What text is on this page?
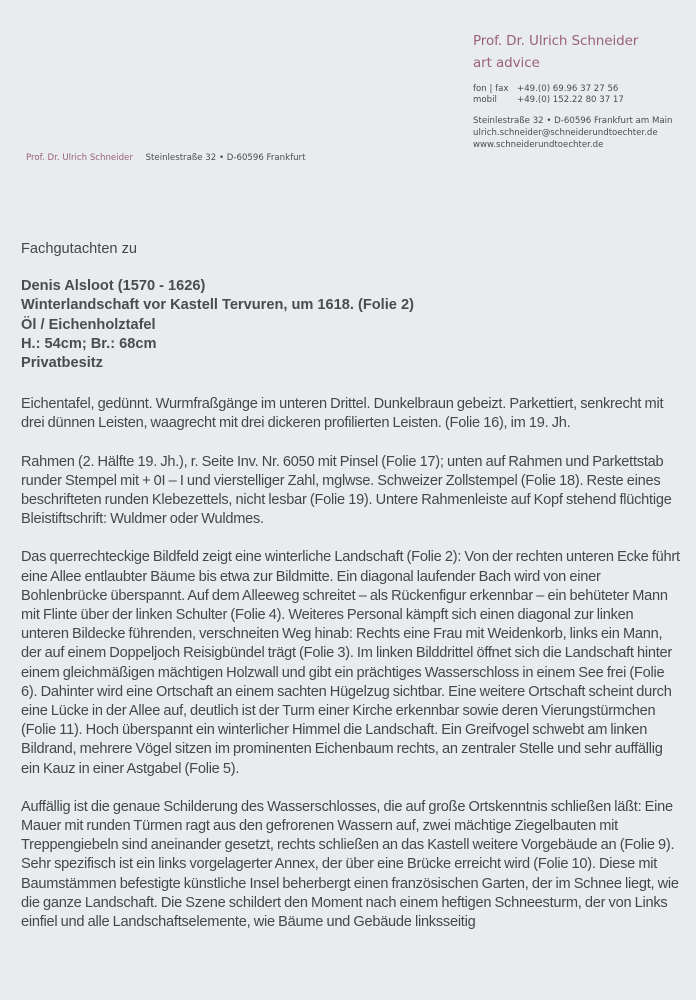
Prof. Dr. Ulrich Schneider
art advice
fon | fax +49.(0) 69.96 37 27 56
mobil	+49.(0) 152.22 80 37 17
Steinlestraße 32 • D-60596 Frankfurt am Main
ulrich.schneider@schneiderundtoechter.de
www.schneiderundtoechter.de
Prof. Dr. Ulrich Schneider Steinlestraße 32 • D-60596 Frankfurt
Fachgutachten zu
Denis Alsloot (1570 - 1626)
Winterlandschaft vor Kastell Tervuren, um 1618. (Folie 2)
Öl / Eichenholztafel
H.: 54cm; Br.: 68cm
Privatbesitz

Eichentafel, gedünnt. Wurmfraßgänge im unteren Drittel. Dunkelbraun gebeizt. Parkettiert, senkrecht mit drei dünnen Leisten, waagrecht mit drei dickeren profilierten Leisten. (Folie 16), im 19. Jh.

Rahmen (2. Hälfte 19. Jh.), r. Seite Inv. Nr. 6050 mit Pinsel (Folie 17); unten auf Rahmen und Parkettstab runder Stempel mit + 0I – I und vierstelliger Zahl, mglwse. Schweizer Zollstempel (Folie 18). Reste eines beschrifteten runden Klebezettels, nicht lesbar (Folie 19). Untere Rahmenleiste auf Kopf stehend flüchtige Bleistiftschrift: Wuldmer oder Wuldmes.

Das querrechteckige Bildfeld zeigt eine winterliche Landschaft (Folie 2): Von der rechten unteren Ecke führt eine Allee entlaubter Bäume bis etwa zur Bildmitte. Ein diagonal laufender Bach wird von einer Bohlenbrücke überspannt. Auf dem Alleeweg schreitet – als Rückenfigur erkennbar – ein behüteter Mann mit Flinte über der linken Schulter (Folie 4). Weiteres Personal kämpft sich einen diagonal zur linken unteren Bildecke führenden, verschneiten Weg hinab: Rechts eine Frau mit Weidenkorb, links ein Mann, der auf einem Doppeljoch Reisigbündel trägt (Folie 3). Im linken Bilddrittel öffnet sich die Landschaft hinter einem gleichmäßigen mächtigen Holzwall und gibt ein prächtiges Wasserschloss in einem See frei (Folie 6). Dahinter wird eine Ortschaft an einem sachten Hügelzug sichtbar. Eine weitere Ortschaft scheint durch eine Lücke in der Allee auf, deutlich ist der Turm einer Kirche erkennbar sowie deren Vierungstürmchen (Folie 11). Hoch überspannt ein winterlicher Himmel die Landschaft. Ein Greifvogel schwebt am linken Bildrand, mehrere Vögel sitzen im prominenten Eichenbaum rechts, an zentraler Stelle und sehr auffällig ein Kauz in einer Astgabel (Folie 5).

Auffällig ist die genaue Schilderung des Wasserschlosses, die auf große Ortskenntnis schließen läßt: Eine Mauer mit runden Türmen ragt aus den gefrorenen Wassern auf, zwei mächtige Ziegelbauten mit Treppengiebeln sind aneinander gesetzt, rechts schließen an das Kastell weitere Vorgebäude an (Folie 9). Sehr spezifisch ist ein links vorgelagerter Annex, der über eine Brücke erreicht wird (Folie 10). Diese mit Baumstämmen befestigte künstliche Insel beherbergt einen französischen Garten, der im Schnee liegt, wie die ganze Landschaft. Die Szene schildert den Moment nach einem heftigen Schneesturm, der von Links einfiel und alle Landschaftselemente, wie Bäume und Gebäude linksseitig
